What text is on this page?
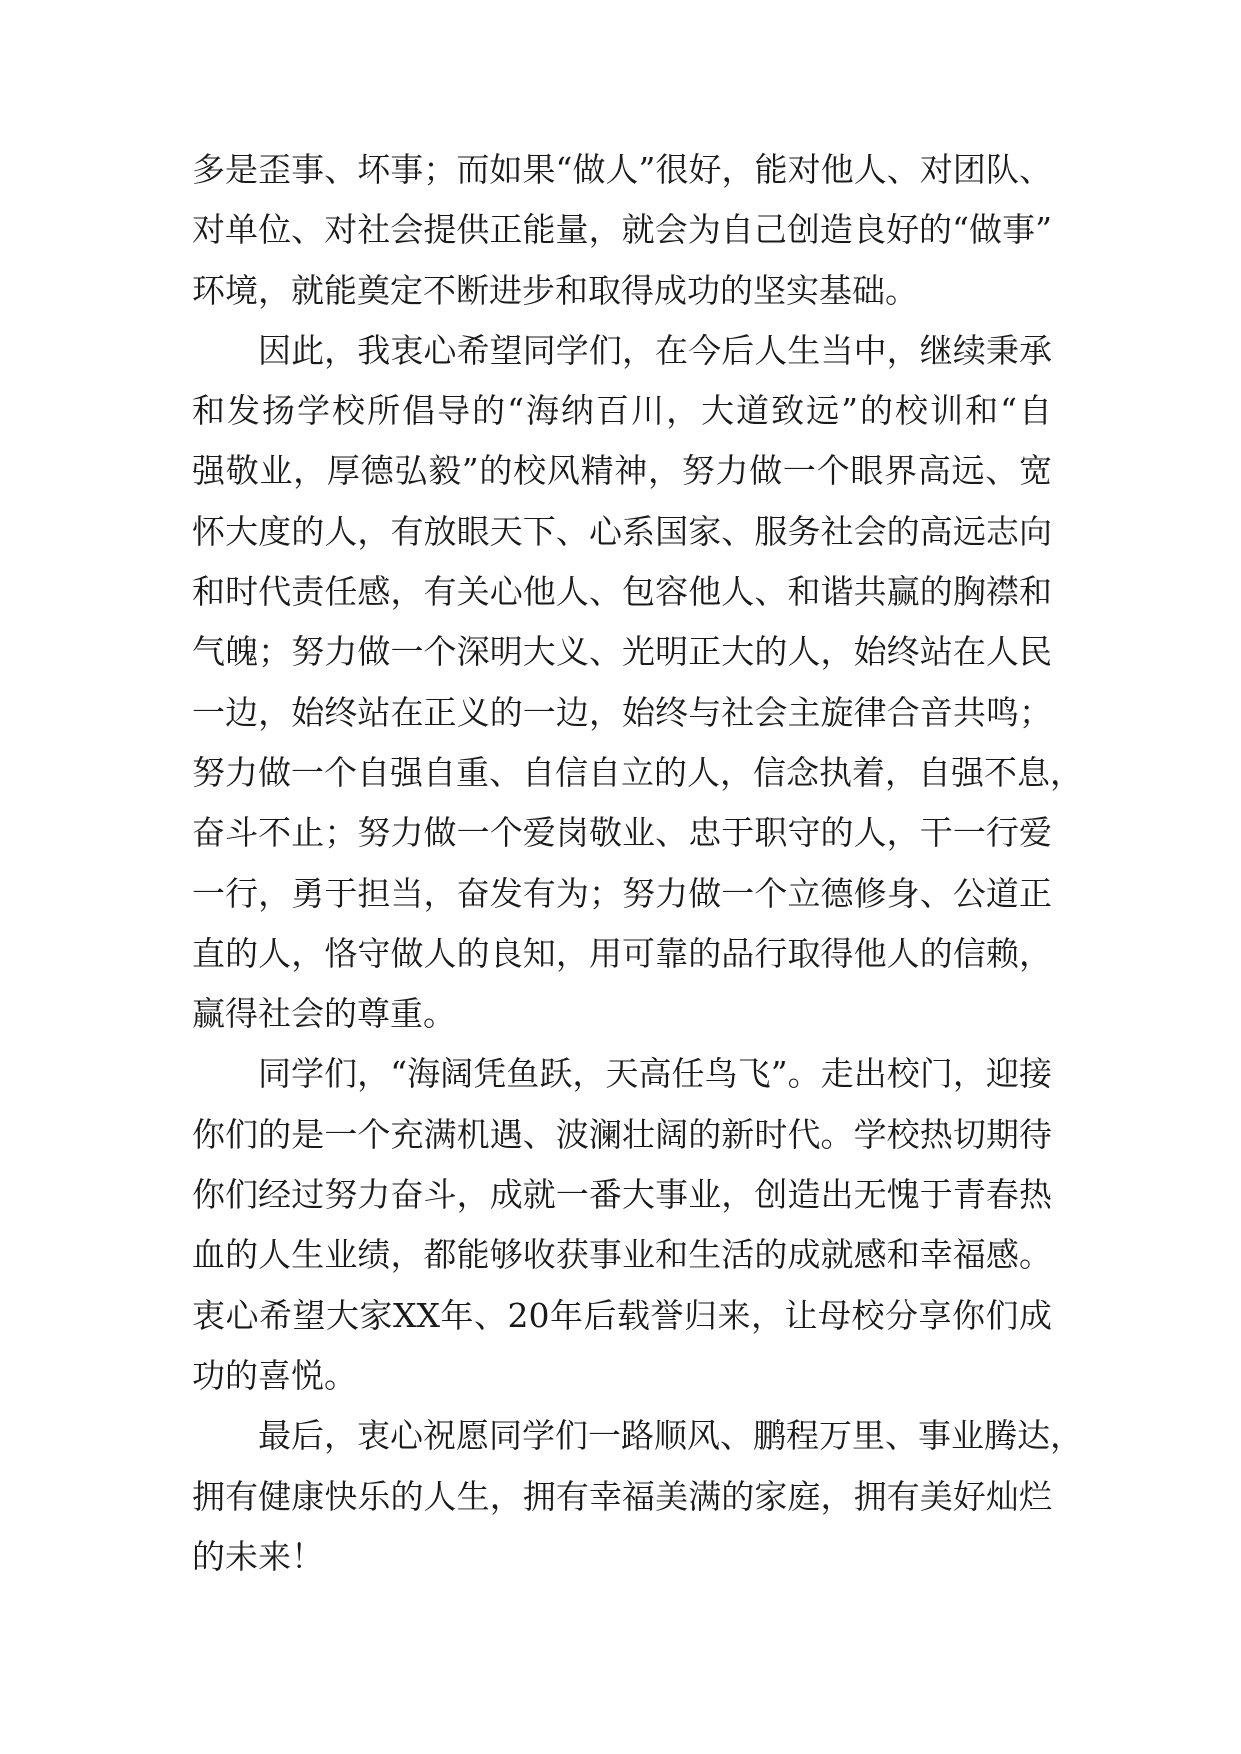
多是歪事、坏事；而如果“做人”很好，能对他人、对团队、
对单位、对社会提供正能量，就会为自己创造良好的“做事”
环境，就能奠定不断进步和取得成功的坚实基础。
因此，我衷心希望同学们，在今后人生当中，继续秉承
和发扬学校所倡导的“海纳百川，大道致远”的校训和“自
强敬业，厚德弘毅”的校风精神，努力做一个眼界高远、宽
怀大度的人，有放眼天下、心系国家、服务社会的高远志向
和时代责任感，有关心他人、包容他人、和谐共赢的胸襟和
气魄；努力做一个深明大义、光明正大的人，始终站在人民
一边，始终站在正义的一边，始终与社会主旋律合音共鸣；
努力做一个自强自重、自信自立的人，信念执着，自强不息，
奋斗不止；努力做一个爱岗敬业、忠于职守的人，干一行爱
一行，勇于担当，奋发有为；努力做一个立德修身、公道正
直的人，恪守做人的良知，用可靠的品行取得他人的信赖，
赢得社会的尊重。
同学们，“海阔凭鱼跃，天高任鸟飞”。走出校门，迎接
你们的是一个充满机遇、波澜壮阔的新时代。学校热切期待
你们经过努力奋斗，成就一番大事业，创造出无愧于青春热
血的人生业绩，都能够收获事业和生活的成就感和幸福感。
衷心希望大家XX年、20年后载誉归来，让母校分享你们成
功的喜悦。
最后，衷心祝愿同学们一路顺风、鹏程万里、事业腾达，
拥有健康快乐的人生，拥有幸福美满的家庭，拥有美好灿烂
的未来！
